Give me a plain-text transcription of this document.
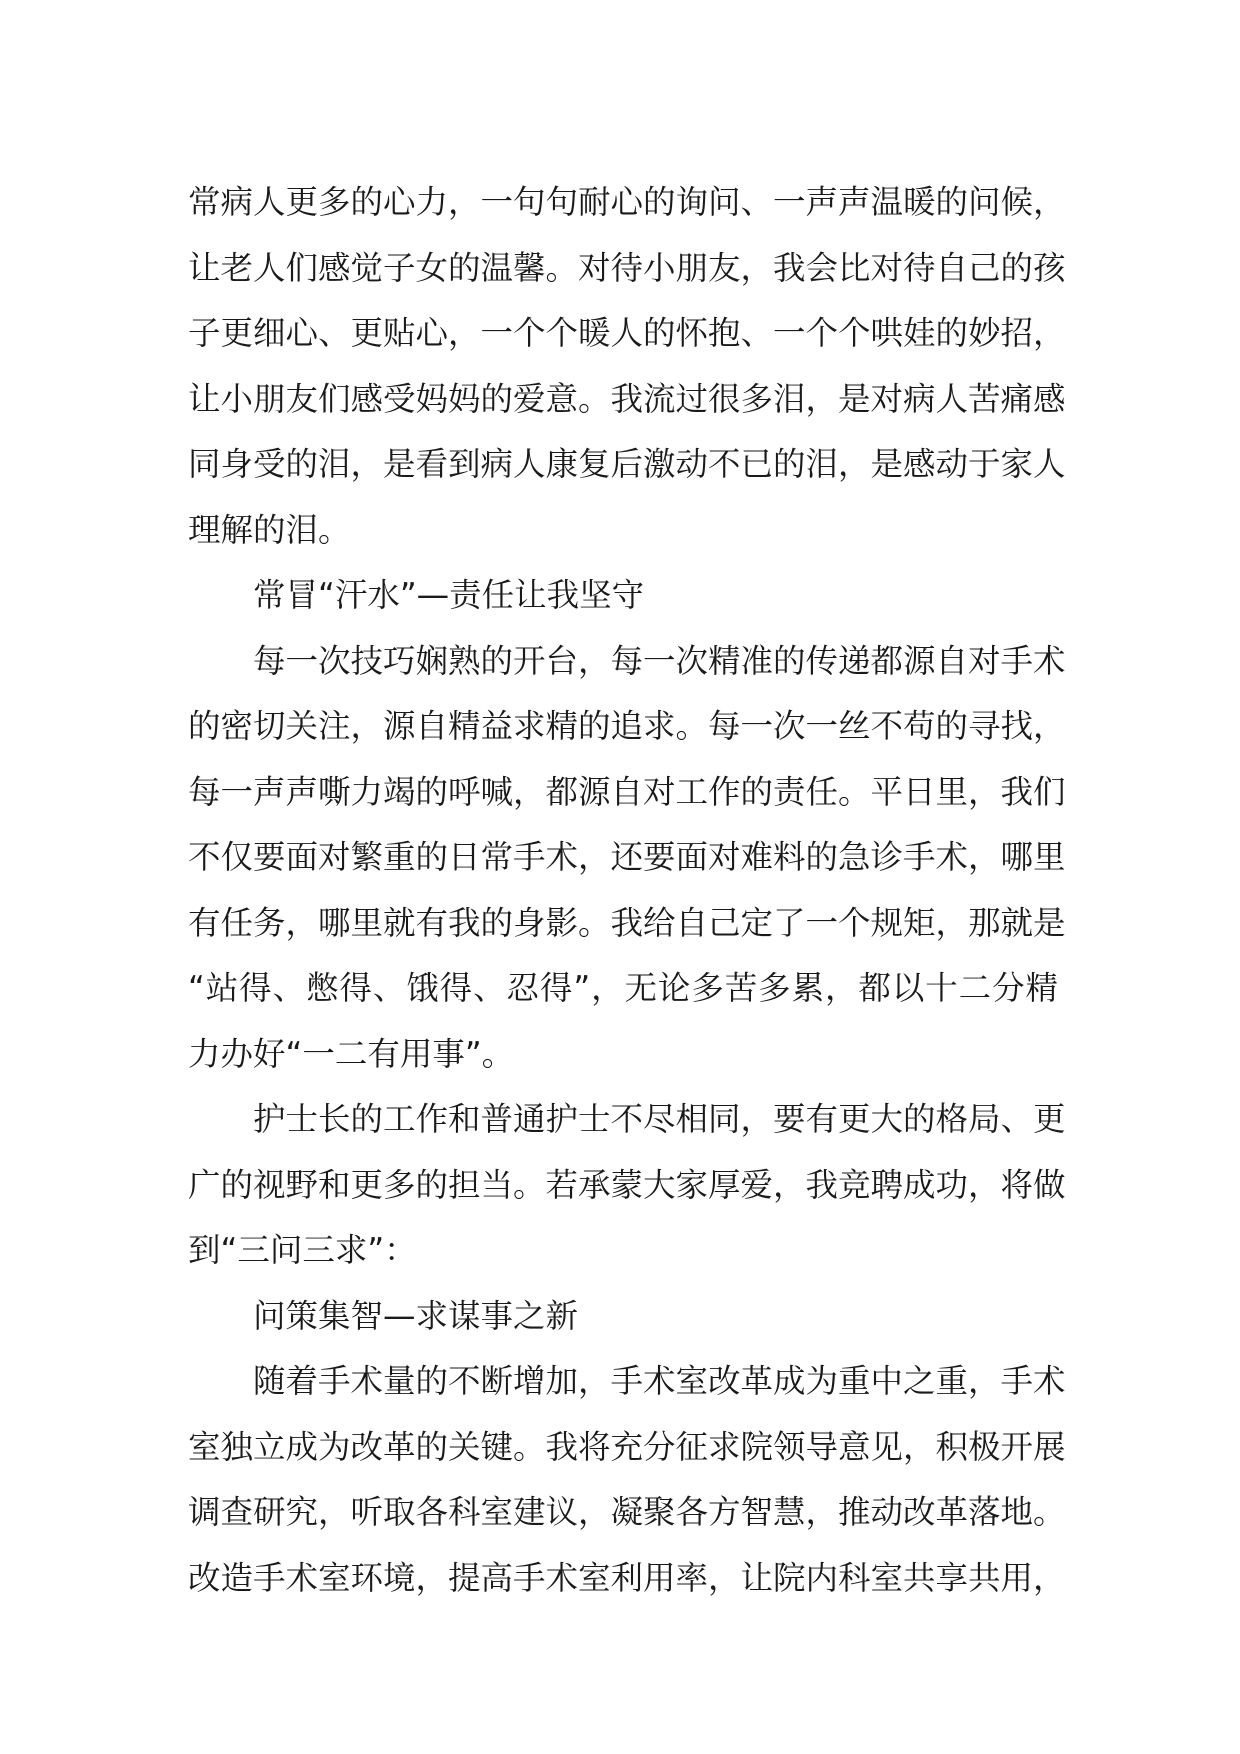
常病人更多的心力，一句句耐心的询问、一声声温暖的问候，
让老人们感觉子女的温馨。对待小朋友，我会比对待自己的孩
子更细心、更贴心，一个个暖人的怀抱、一个个哄娃的妙招，
让小朋友们感受妈妈的爱意。我流过很多泪，是对病人苦痛感
同身受的泪，是看到病人康复后激动不已的泪，是感动于家人
理解的泪。
常冒“汗水”—责任让我坚守
每一次技巧娴熟的开台，每一次精准的传递都源自对手术
的密切关注，源自精益求精的追求。每一次一丝不苟的寻找，
每一声声嘶力竭的呼喊，都源自对工作的责任。平日里，我们
不仅要面对繁重的日常手术，还要面对难料的急诊手术，哪里
有任务，哪里就有我的身影。我给自己定了一个规矩，那就是
“站得、憋得、饿得、忍得”，无论多苦多累，都以十二分精
力办好“一二有用事”。
护士长的工作和普通护士不尽相同，要有更大的格局、更
广的视野和更多的担当。若承蒙大家厚爱，我竞聘成功，将做
到“三问三求”：
问策集智—求谋事之新
随着手术量的不断增加，手术室改革成为重中之重，手术
室独立成为改革的关键。我将充分征求院领导意见，积极开展
调查研究，听取各科室建议，凝聚各方智慧，推动改革落地。
改造手术室环境，提高手术室利用率，让院内科室共享共用，
